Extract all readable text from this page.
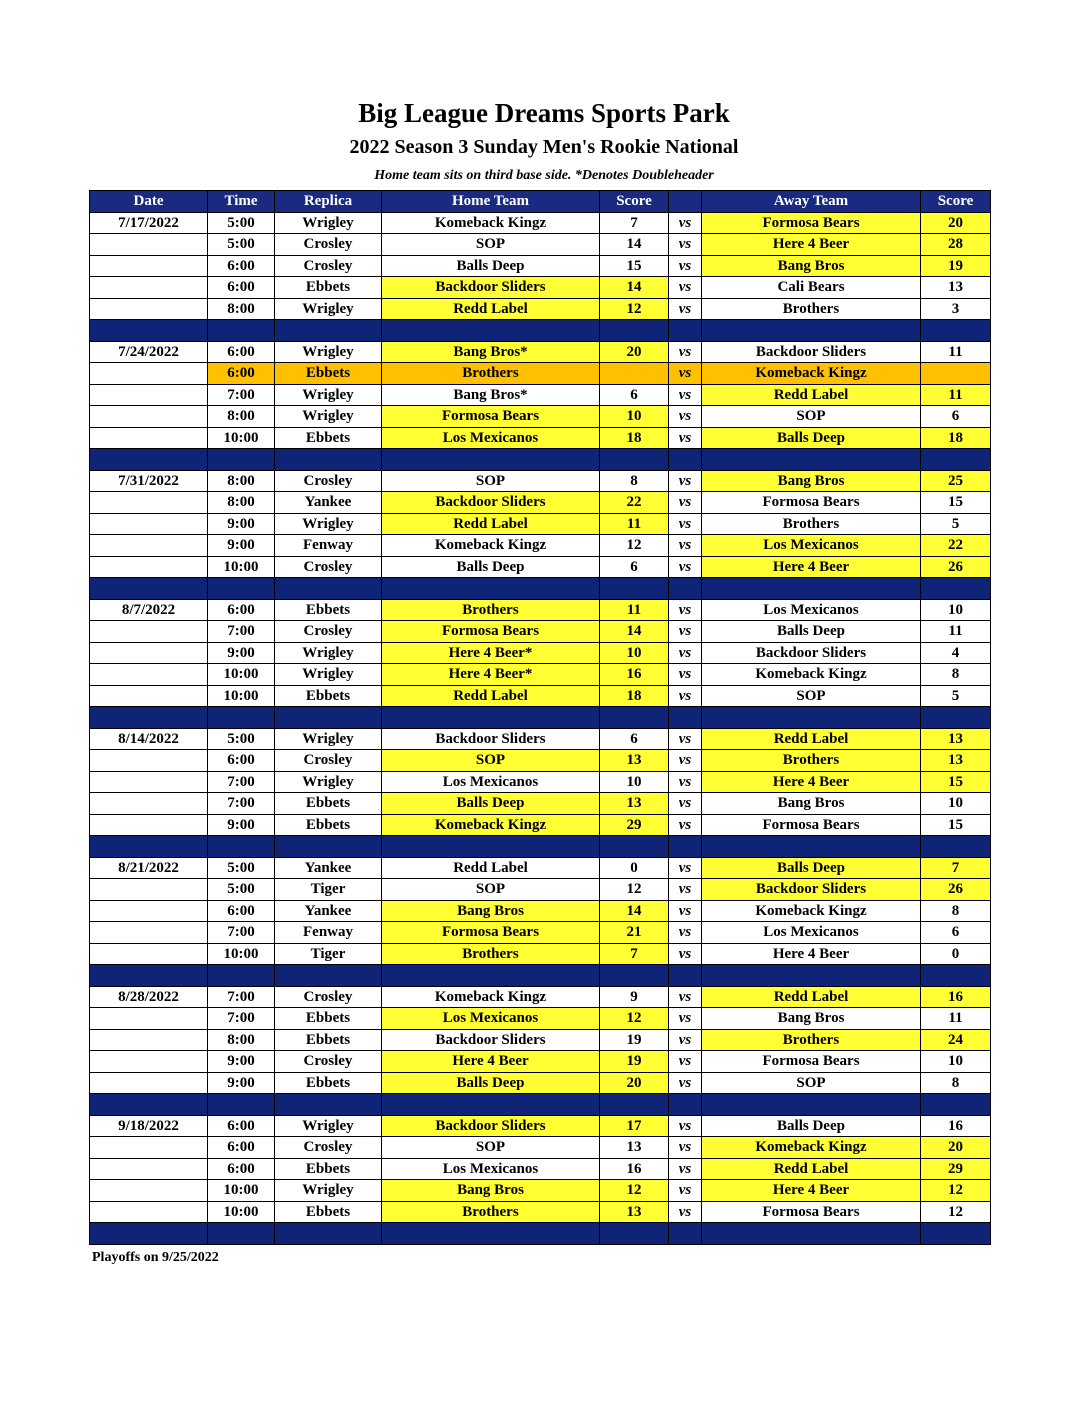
Big League Dreams Sports Park
2022 Season 3 Sunday Men's Rookie National
Home team sits on third base side. *Denotes Doubleheader
Date	Time	Replica	Home Team	Score		Away Team	Score
7/17/2022	5:00	Wrigley	Komeback Kingz	7	vs	Formosa Bears	20
	5:00	Crosley	SOP	14	vs	Here 4 Beer	28
	6:00	Crosley	Balls Deep	15	vs	Bang Bros	19
	6:00	Ebbets	Backdoor Sliders	14	vs	Cali Bears	13
	8:00	Wrigley	Redd Label	12	vs	Brothers	3

7/24/2022	6:00	Wrigley	Bang Bros*	20	vs	Backdoor Sliders	11
	6:00	Ebbets	Brothers		vs	Komeback Kingz	
	7:00	Wrigley	Bang Bros*	6	vs	Redd Label	11
	8:00	Wrigley	Formosa Bears	10	vs	SOP	6
	10:00	Ebbets	Los Mexicanos	18	vs	Balls Deep	18

7/31/2022	8:00	Crosley	SOP	8	vs	Bang Bros	25
	8:00	Yankee	Backdoor Sliders	22	vs	Formosa Bears	15
	9:00	Wrigley	Redd Label	11	vs	Brothers	5
	9:00	Fenway	Komeback Kingz	12	vs	Los Mexicanos	22
	10:00	Crosley	Balls Deep	6	vs	Here 4 Beer	26

8/7/2022	6:00	Ebbets	Brothers	11	vs	Los Mexicanos	10
	7:00	Crosley	Formosa Bears	14	vs	Balls Deep	11
	9:00	Wrigley	Here 4 Beer*	10	vs	Backdoor Sliders	4
	10:00	Wrigley	Here 4 Beer*	16	vs	Komeback Kingz	8
	10:00	Ebbets	Redd Label	18	vs	SOP	5

8/14/2022	5:00	Wrigley	Backdoor Sliders	6	vs	Redd Label	13
	6:00	Crosley	SOP	13	vs	Brothers	13
	7:00	Wrigley	Los Mexicanos	10	vs	Here 4 Beer	15
	7:00	Ebbets	Balls Deep	13	vs	Bang Bros	10
	9:00	Ebbets	Komeback Kingz	29	vs	Formosa Bears	15

8/21/2022	5:00	Yankee	Redd Label	0	vs	Balls Deep	7
	5:00	Tiger	SOP	12	vs	Backdoor Sliders	26
	6:00	Yankee	Bang Bros	14	vs	Komeback Kingz	8
	7:00	Fenway	Formosa Bears	21	vs	Los Mexicanos	6
	10:00	Tiger	Brothers	7	vs	Here 4 Beer	0

8/28/2022	7:00	Crosley	Komeback Kingz	9	vs	Redd Label	16
	7:00	Ebbets	Los Mexicanos	12	vs	Bang Bros	11
	8:00	Ebbets	Backdoor Sliders	19	vs	Brothers	24
	9:00	Crosley	Here 4 Beer	19	vs	Formosa Bears	10
	9:00	Ebbets	Balls Deep	20	vs	SOP	8

9/18/2022	6:00	Wrigley	Backdoor Sliders	17	vs	Balls Deep	16
	6:00	Crosley	SOP	13	vs	Komeback Kingz	20
	6:00	Ebbets	Los Mexicanos	16	vs	Redd Label	29
	10:00	Wrigley	Bang Bros	12	vs	Here 4 Beer	12
	10:00	Ebbets	Brothers	13	vs	Formosa Bears	12

Playoffs on 9/25/2022
